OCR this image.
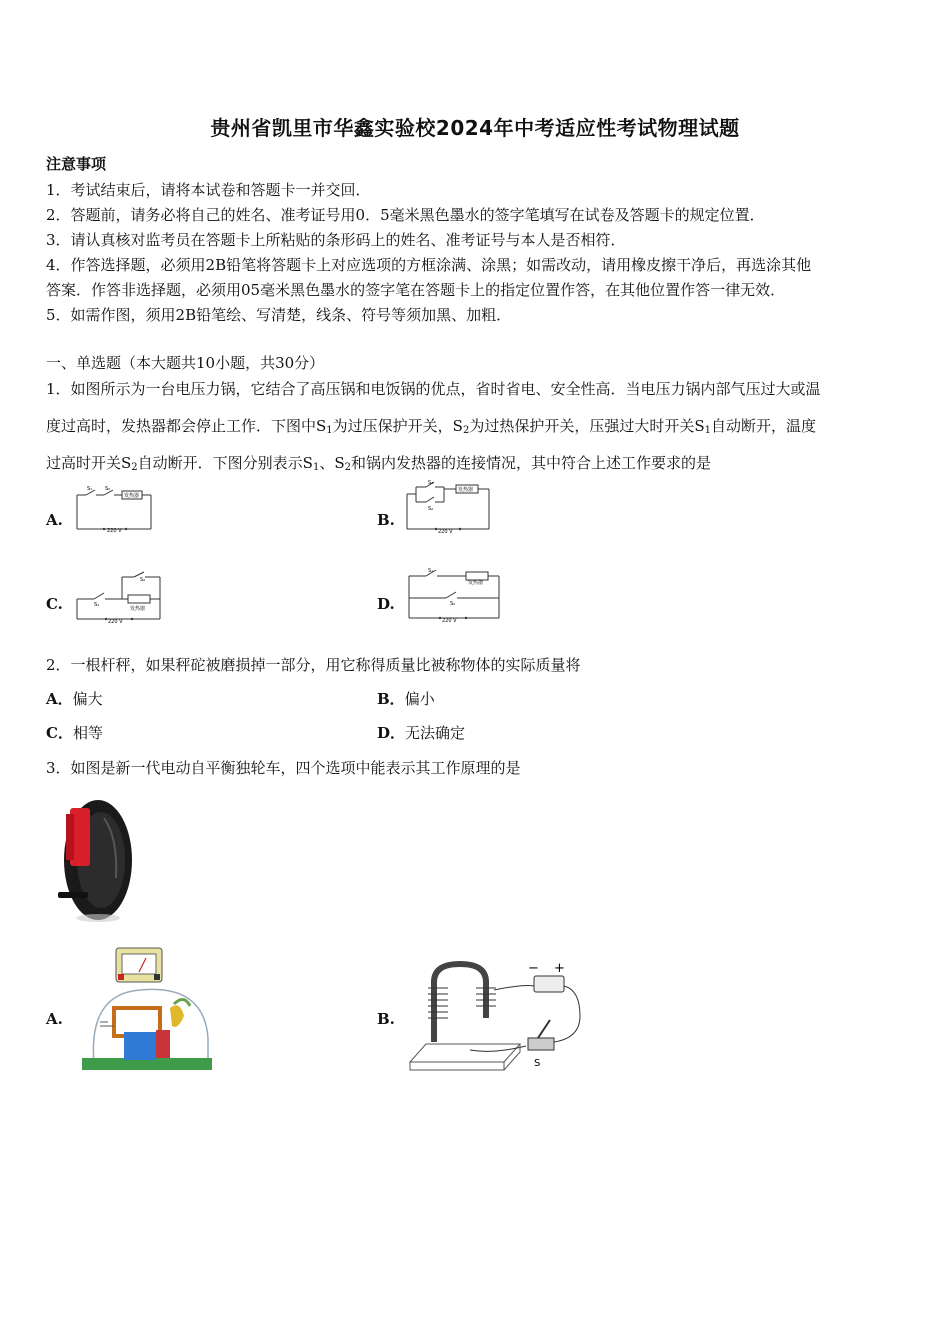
贵州省凯里市华鑫实验校2024年中考适应性考试物理试题
注意事项
1．考试结束后，请将本试卷和答题卡一并交回．
2．答题前，请务必将自己的姓名、准考证号用0．5毫米黑色墨水的签字笔填写在试卷及答题卡的规定位置．
3．请认真核对监考员在答题卡上所粘贴的条形码上的姓名、准考证号与本人是否相符．
4．作答选择题，必须用2B铅笔将答题卡上对应选项的方框涂满、涂黑；如需改动，请用橡皮擦干净后，再选涂其他
答案．作答非选择题，必须用05毫米黑色墨水的签字笔在答题卡上的指定位置作答，在其他位置作答一律无效．
5．如需作图，须用2B铅笔绘、写清楚，线条、符号等须加黑、加粗．
一、单选题（本大题共10小题，共30分）
1．如图所示为一台电压力锅，它结合了高压锅和电饭锅的优点，省时省电、安全性高．当电压力锅内部气压过大或温
度过高时，发热器都会停止工作．下图中$S_1$为过压保护开关，$S_2$为过热保护开关，压强过大时开关$S_1$自动断开，温度
过高时开关$S_2$自动断开．下图分别表示$S_1$、$S_2$和锅内发热器的连接情况，其中符合上述工作要求的是
A.	B.
C.	D.
S₁	S₂
发热器
220 V
S₁
S₂
发热器
220 V
S₁
S₂
发热器
220 V
S₁
S₂
发热器
220 V
2．一根杆秤，如果秤砣被磨损掉一部分，用它称得质量比被称物体的实际质量将
A．偏大	B．偏小
C．相等	D．无法确定
3．如图是新一代电动自平衡独轮车，四个选项中能表示其工作原理的是
A.	B.
− +
S
